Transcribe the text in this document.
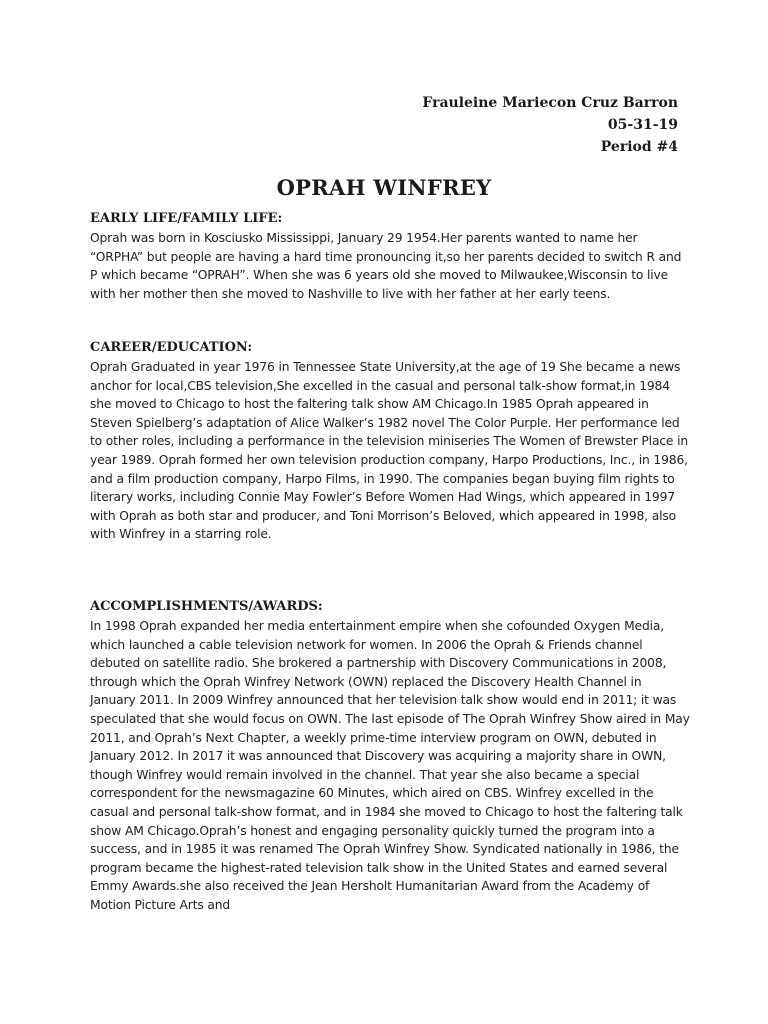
Frauleine Mariecon Cruz Barron
05-31-19
Period #4
OPRAH WINFREY
EARLY LIFE/FAMILY LIFE:

Oprah was born in Kosciusko Mississippi, January 29 1954.Her parents wanted to name her “ORPHA” but people are having a hard time pronouncing it,so her parents decided to switch R and P which became “OPRAH”. When she was 6 years old she moved to Milwaukee,Wisconsin to live with her mother then she moved to Nashville to live with her father at her early teens.

CAREER/EDUCATION:

Oprah Graduated in year 1976 in Tennessee State University,at the age of 19 She became a news anchor for local,CBS television,She excelled in the casual and personal talk-show format,in 1984 she moved to Chicago to host the faltering talk show AM Chicago.In 1985 Oprah appeared in Steven Spielberg’s adaptation of Alice Walker’s 1982 novel The Color Purple. Her performance led to other roles, including a performance in the television miniseries The Women of Brewster Place in year 1989. Oprah formed her own television production company, Harpo Productions, Inc., in 1986, and a film production company, Harpo Films, in 1990. The companies began buying film rights to literary works, including Connie May Fowler’s Before Women Had Wings, which appeared in 1997 with Oprah as both star and producer, and Toni Morrison’s Beloved, which appeared in 1998, also with Winfrey in a starring role.

ACCOMPLISHMENTS/AWARDS:

In 1998 Oprah expanded her media entertainment empire when she cofounded Oxygen Media, which launched a cable television network for women. In 2006 the Oprah & Friends channel debuted on satellite radio. She brokered a partnership with Discovery Communications in 2008, through which the Oprah Winfrey Network (OWN) replaced the Discovery Health Channel in January 2011. In 2009 Winfrey announced that her television talk show would end in 2011; it was speculated that she would focus on OWN. The last episode of The Oprah Winfrey Show aired in May 2011, and Oprah’s Next Chapter, a weekly prime-time interview program on OWN, debuted in January 2012. In 2017 it was announced that Discovery was acquiring a majority share in OWN, though Winfrey would remain involved in the channel. That year she also became a special correspondent for the newsmagazine 60 Minutes, which aired on CBS. Winfrey excelled in the casual and personal talk-show format, and in 1984 she moved to Chicago to host the faltering talk show AM Chicago.Oprah’s honest and engaging personality quickly turned the program into a success, and in 1985 it was renamed The Oprah Winfrey Show. Syndicated nationally in 1986, the program became the highest-rated television talk show in the United States and earned several Emmy Awards.she also received the Jean Hersholt Humanitarian Award from the Academy of Motion Picture Arts and
